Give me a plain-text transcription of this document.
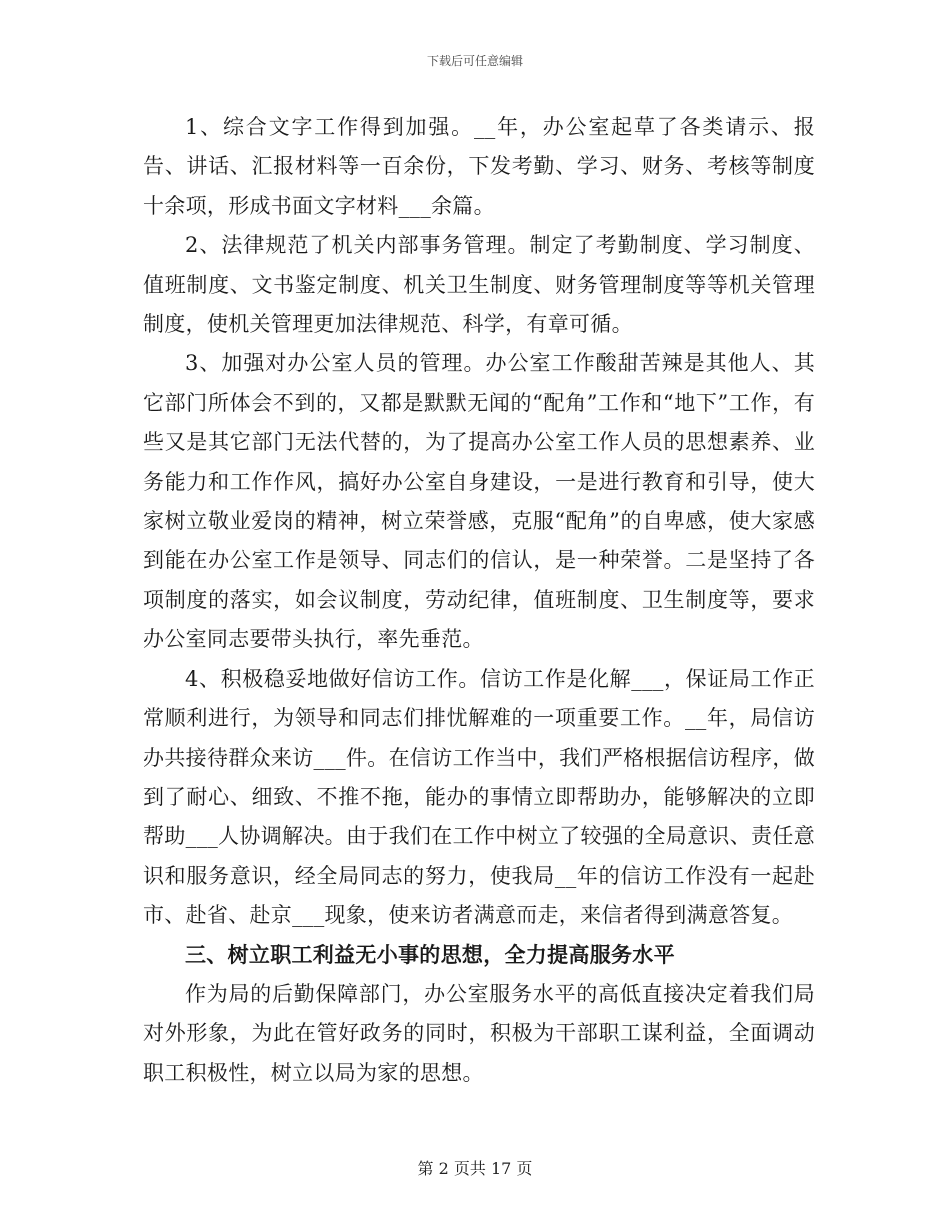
下载后可任意编辑

1、综合文字工作得到加强。__年，办公室起草了各类请示、报告、讲话、汇报材料等一百余份，下发考勤、学习、财务、考核等制度十余项，形成书面文字材料___余篇。

2、法律规范了机关内部事务管理。制定了考勤制度、学习制度、值班制度、文书鉴定制度、机关卫生制度、财务管理制度等等机关管理制度，使机关管理更加法律规范、科学，有章可循。

3、加强对办公室人员的管理。办公室工作酸甜苦辣是其他人、其它部门所体会不到的，又都是默默无闻的“配角”工作和“地下”工作，有些又是其它部门无法代替的，为了提高办公室工作人员的思想素养、业务能力和工作作风，搞好办公室自身建设，一是进行教育和引导，使大家树立敬业爱岗的精神，树立荣誉感，克服“配角”的自卑感，使大家感到能在办公室工作是领导、同志们的信认，是一种荣誉。二是坚持了各项制度的落实，如会议制度，劳动纪律，值班制度、卫生制度等，要求办公室同志要带头执行，率先垂范。

4、积极稳妥地做好信访工作。信访工作是化解___，保证局工作正常顺利进行，为领导和同志们排忧解难的一项重要工作。__年，局信访办共接待群众来访___件。在信访工作当中，我们严格根据信访程序，做到了耐心、细致、不推不拖，能办的事情立即帮助办，能够解决的立即帮助___人协调解决。由于我们在工作中树立了较强的全局意识、责任意识和服务意识，经全局同志的努力，使我局__年的信访工作没有一起赴市、赴省、赴京___现象，使来访者满意而走，来信者得到满意答复。

三、树立职工利益无小事的思想，全力提高服务水平

作为局的后勤保障部门，办公室服务水平的高低直接决定着我们局对外形象，为此在管好政务的同时，积极为干部职工谋利益，全面调动职工积极性，树立以局为家的思想。

第 2 页共 17 页
